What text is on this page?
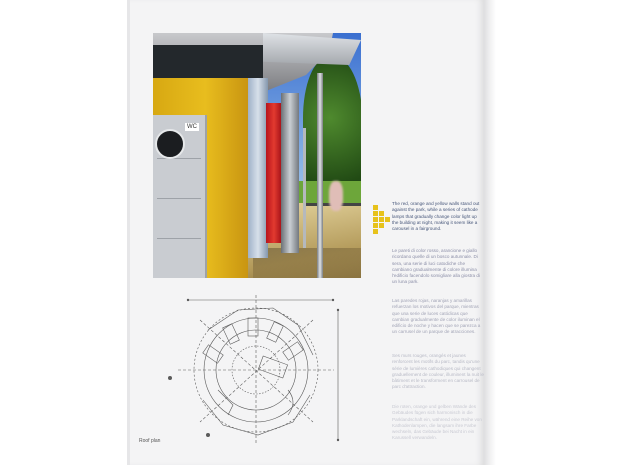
WC

The red, orange and yellow walls stand out against the park, while a series of cathode lamps that gradually change color light up the building at night, making it seem like a carousel in a fairground.

Le pareti di color rosso, arancione e giallo ricordano quelle di un bosco autunnale. Di sera, una serie di luci catodiche che cambiano gradualmente di colore illumina l'edificio facendolo somigliare alla giostra di un luna park.

Las paredes rojas, naranjas y amarillas refuerzan los motivos del parque, mientras que una serie de luces catódicas que cambian gradualmente de color iluminan el edificio de noche y hacen que se parezca a un carrusel de un parque de atracciones.

Ses murs rouges, orangés et jaunes renforcent les motifs du parc, tandis qu'une série de lumières cathodiques qui changent graduellement de couleur, illuminent la nuit le bâtiment et le transforment en carrousel de parc d'attraction.

Die roten, orange und gelben Wände des Gebäudes fügen sich harmonisch in die Parklandschaft ein, während eine Reihe von Kathodenlampen, die langsam ihre Farbe wechseln, das Gebäude bei Nacht in ein Karussell verwandeln.

Roof plan
